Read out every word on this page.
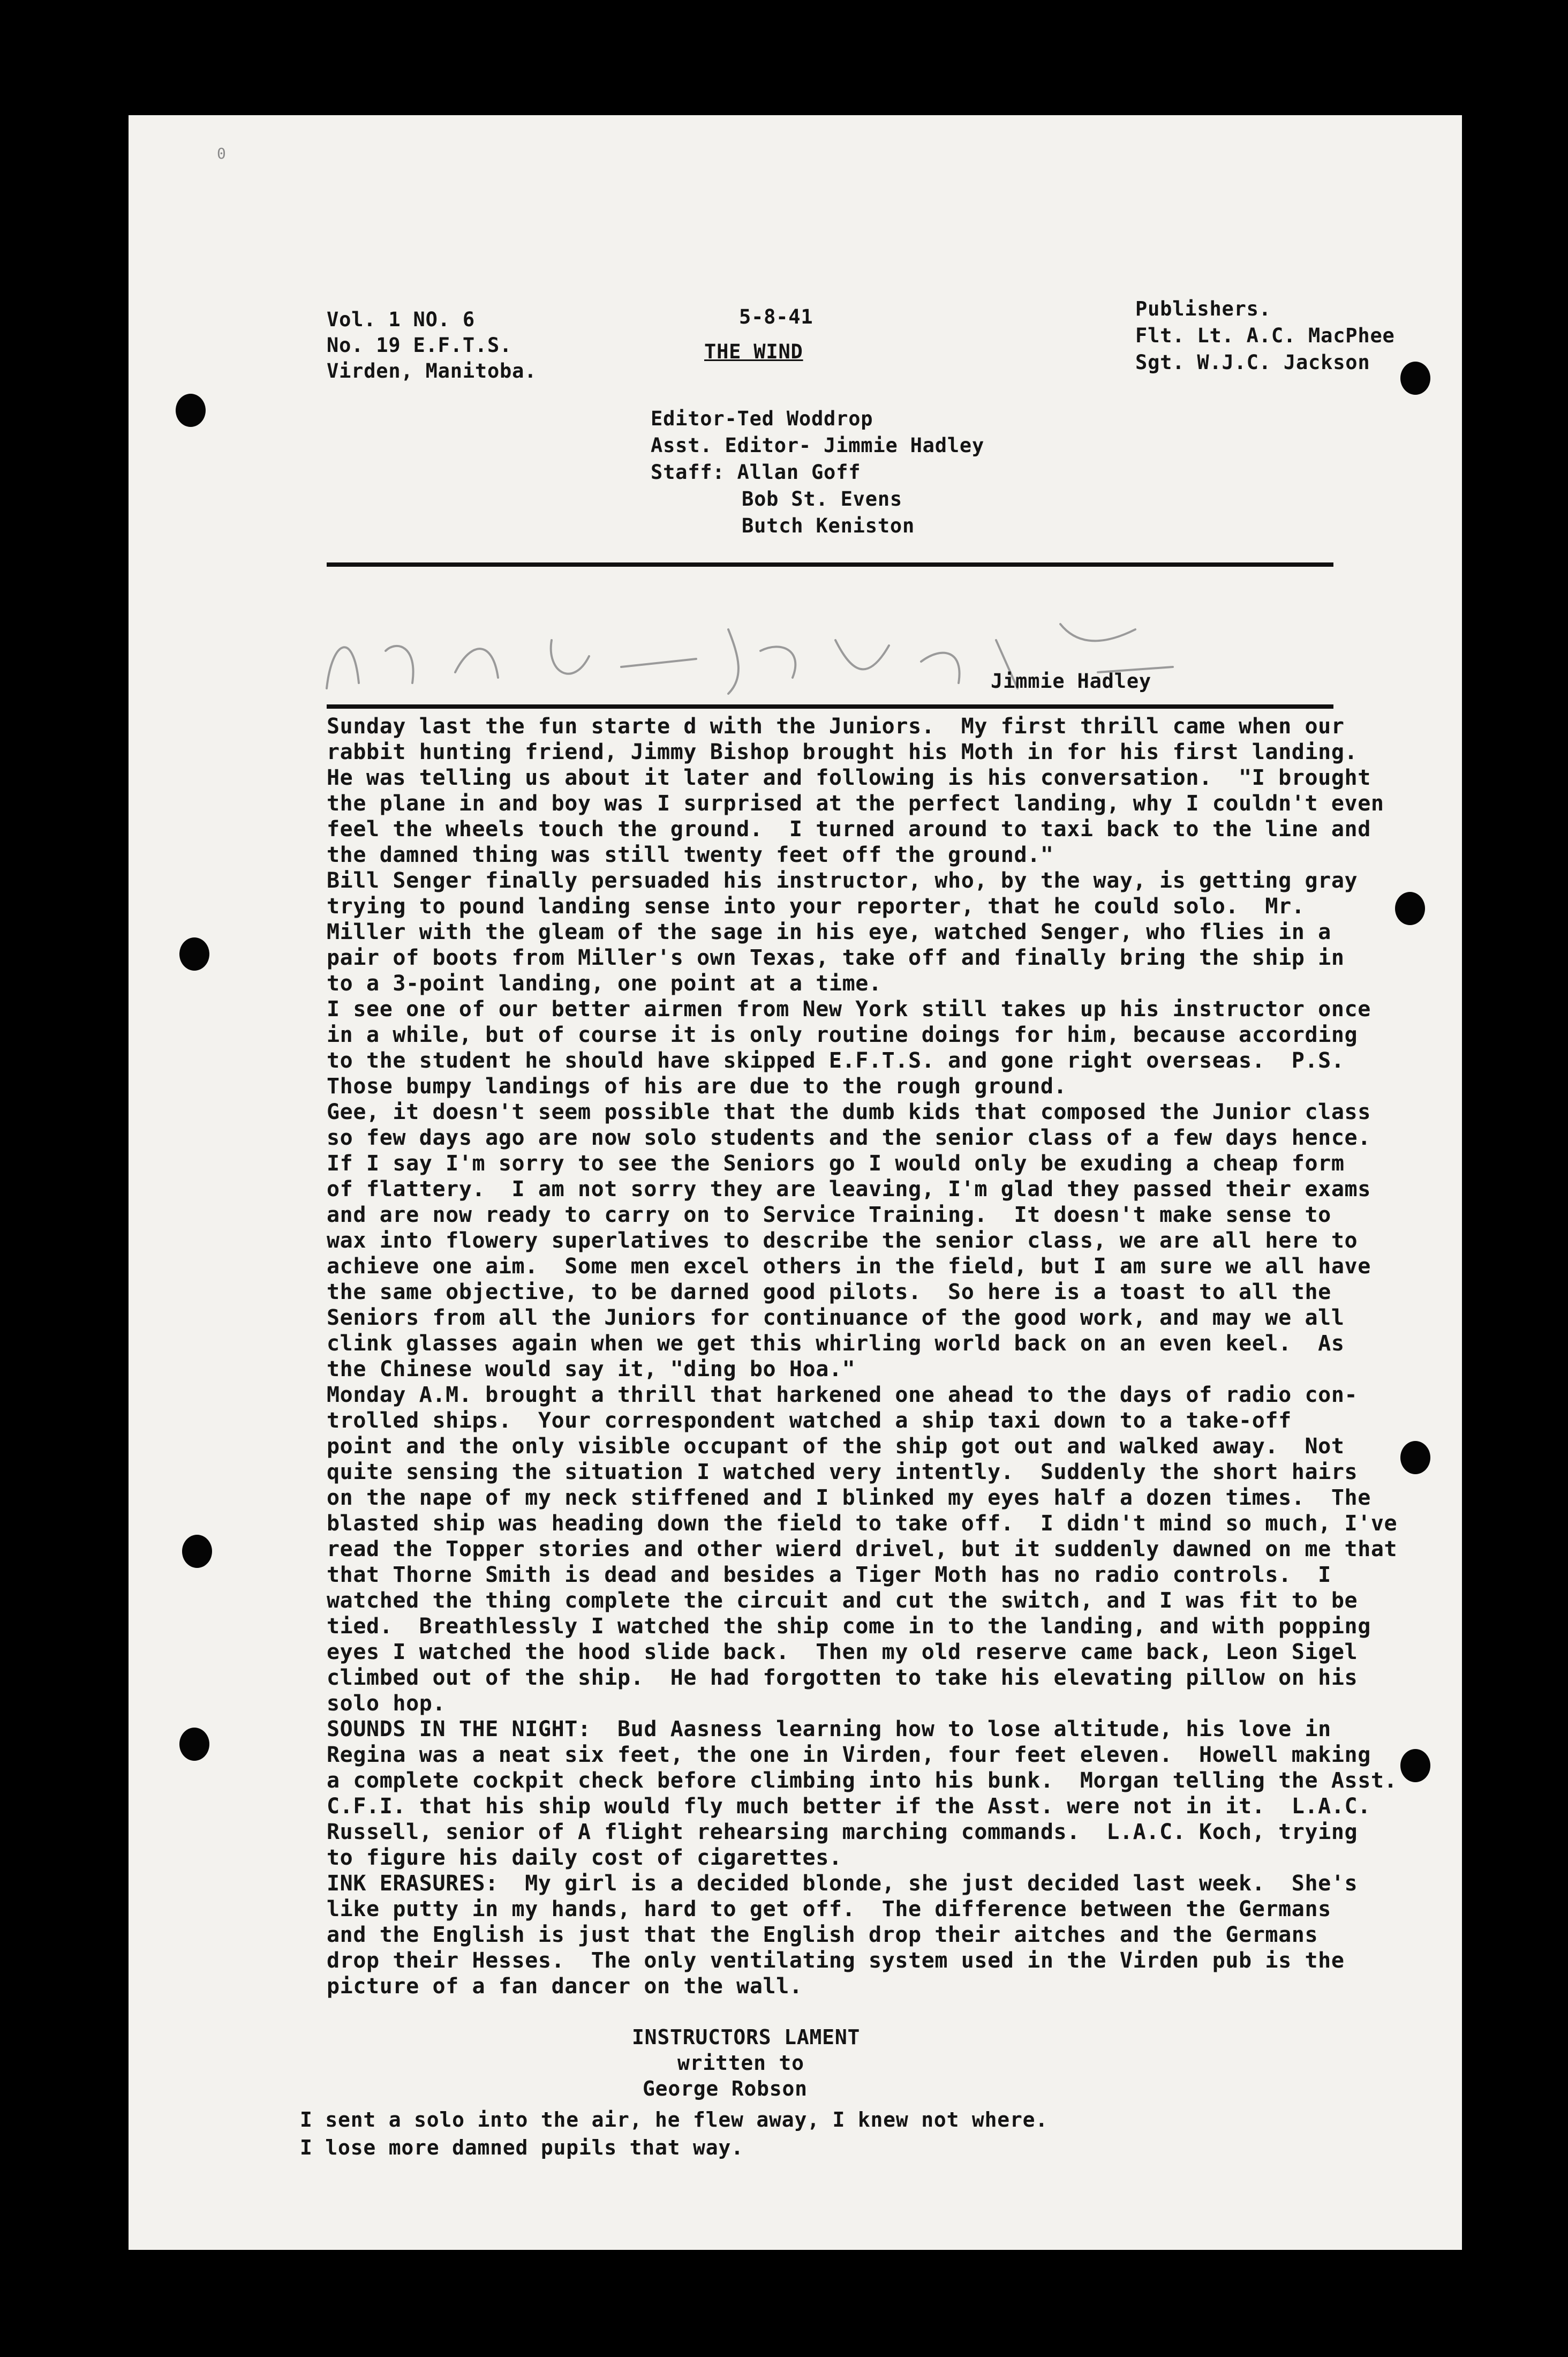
0
Vol. 1 NO. 6
No. 19 E.F.T.S.
Virden, Manitoba.
5-8-41
THE WIND
Publishers.
Flt. Lt. A.C. MacPhee
Sgt. W.J.C. Jackson
Editor-Ted Woddrop
Asst. Editor- Jimmie Hadley
Staff: Allan Goff
Bob St. Evens
Butch Keniston
Jimmie Hadley
Sunday last the fun starte d with the Juniors.  My first thrill came when our
rabbit hunting friend, Jimmy Bishop brought his Moth in for his first landing.
He was telling us about it later and following is his conversation.  "I brought
the plane in and boy was I surprised at the perfect landing, why I couldn't even
feel the wheels touch the ground.  I turned around to taxi back to the line and
the damned thing was still twenty feet off the ground."
Bill Senger finally persuaded his instructor, who, by the way, is getting gray
trying to pound landing sense into your reporter, that he could solo.  Mr.
Miller with the gleam of the sage in his eye, watched Senger, who flies in a
pair of boots from Miller's own Texas, take off and finally bring the ship in
to a 3-point landing, one point at a time.
I see one of our better airmen from New York still takes up his instructor once
in a while, but of course it is only routine doings for him, because according
to the student he should have skipped E.F.T.S. and gone right overseas.  P.S.
Those bumpy landings of his are due to the rough ground.
Gee, it doesn't seem possible that the dumb kids that composed the Junior class
so few days ago are now solo students and the senior class of a few days hence.
If I say I'm sorry to see the Seniors go I would only be exuding a cheap form
of flattery.  I am not sorry they are leaving, I'm glad they passed their exams
and are now ready to carry on to Service Training.  It doesn't make sense to
wax into flowery superlatives to describe the senior class, we are all here to
achieve one aim.  Some men excel others in the field, but I am sure we all have
the same objective, to be darned good pilots.  So here is a toast to all the
Seniors from all the Juniors for continuance of the good work, and may we all
clink glasses again when we get this whirling world back on an even keel.  As
the Chinese would say it, "ding bo Hoa."
Monday A.M. brought a thrill that harkened one ahead to the days of radio con-
trolled ships.  Your correspondent watched a ship taxi down to a take-off
point and the only visible occupant of the ship got out and walked away.  Not
quite sensing the situation I watched very intently.  Suddenly the short hairs
on the nape of my neck stiffened and I blinked my eyes half a dozen times.  The
blasted ship was heading down the field to take off.  I didn't mind so much, I've
read the Topper stories and other wierd drivel, but it suddenly dawned on me that
that Thorne Smith is dead and besides a Tiger Moth has no radio controls.  I
watched the thing complete the circuit and cut the switch, and I was fit to be
tied.  Breathlessly I watched the ship come in to the landing, and with popping
eyes I watched the hood slide back.  Then my old reserve came back, Leon Sigel
climbed out of the ship.  He had forgotten to take his elevating pillow on his
solo hop.
SOUNDS IN THE NIGHT:  Bud Aasness learning how to lose altitude, his love in
Regina was a neat six feet, the one in Virden, four feet eleven.  Howell making
a complete cockpit check before climbing into his bunk.  Morgan telling the Asst.
C.F.I. that his ship would fly much better if the Asst. were not in it.  L.A.C.
Russell, senior of A flight rehearsing marching commands.  L.A.C. Koch, trying
to figure his daily cost of cigarettes.
INK ERASURES:  My girl is a decided blonde, she just decided last week.  She's
like putty in my hands, hard to get off.  The difference between the Germans
and the English is just that the English drop their aitches and the Germans
drop their Hesses.  The only ventilating system used in the Virden pub is the
picture of a fan dancer on the wall.
INSTRUCTORS LAMENT
written to
George Robson
I sent a solo into the air, he flew away, I knew not where.
I lose more damned pupils that way.
